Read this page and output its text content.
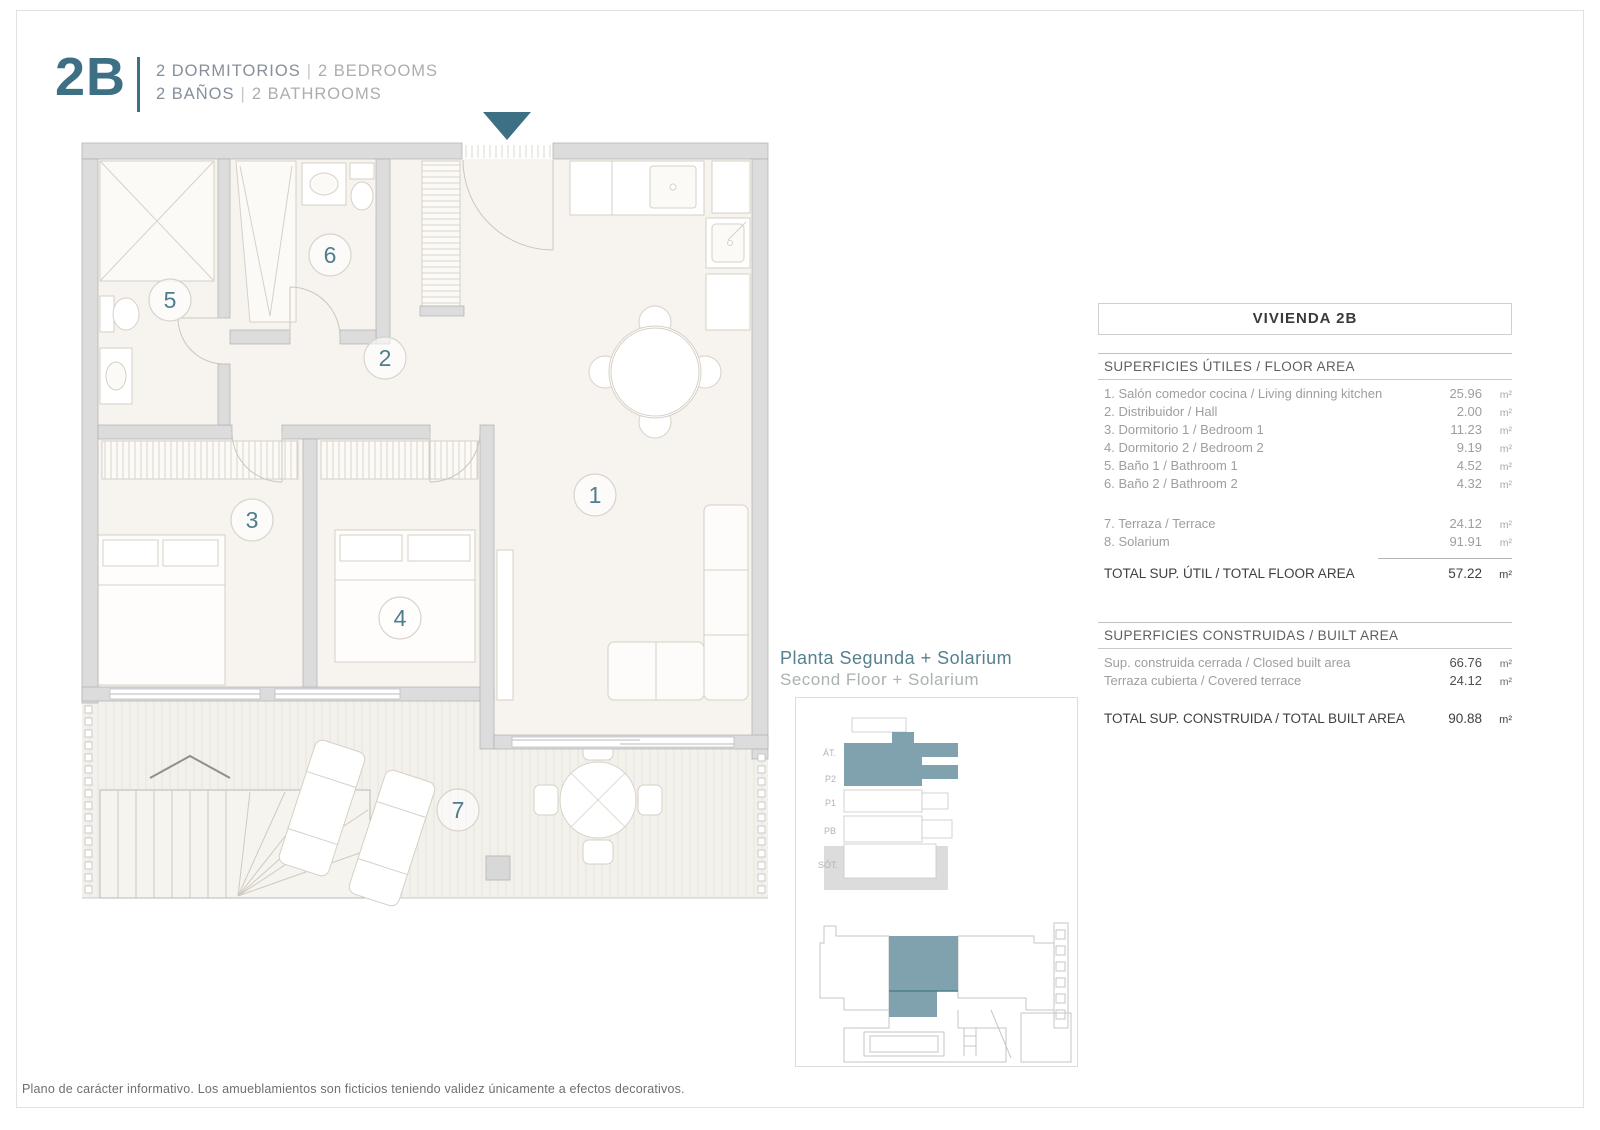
2B 2 DORMITORIOS | 2 BEDROOMS
2 BAÑOS | 2 BATHROOMS
1
2
3
4
5
6
7
Planta Segunda + Solarium
Second Floor + Solarium
ÁT.
P2
P1
PB
SÓT.
VIVIENDA 2B
SUPERFICIES ÚTILES / FLOOR AREA
1. Salón comedor cocina / Living dinning kitchen	25.96	m²
2. Distribuidor / Hall	2.00	m²
3. Dormitorio 1 / Bedroom 1	11.23	m²
4. Dormitorio 2 / Bedroom 2	9.19	m²
5. Baño 1 / Bathroom 1	4.52	m²
6. Baño 2 / Bathroom 2	4.32	m²
7. Terraza / Terrace	24.12	m²
8. Solarium	91.91	m²
TOTAL SUP. ÚTIL / TOTAL FLOOR AREA	57.22	m²
SUPERFICIES CONSTRUIDAS / BUILT AREA
Sup. construida cerrada / Closed built area	66.76	m²
Terraza cubierta / Covered terrace	24.12	m²
TOTAL SUP. CONSTRUIDA / TOTAL BUILT AREA	90.88	m²
Plano de carácter informativo. Los amueblamientos son ficticios teniendo validez únicamente a efectos decorativos.
